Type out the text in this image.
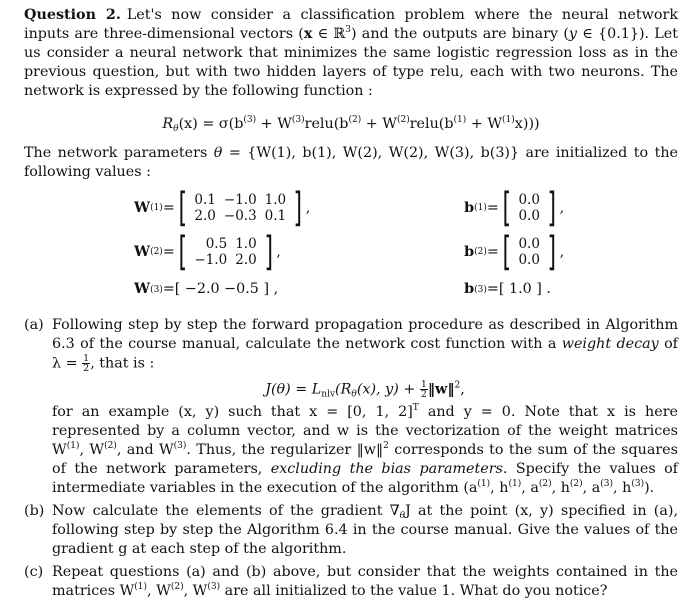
Question 2. Let's now consider a classification problem where the neural network inputs are three-dimensional vectors (x ∈ ℝ$^3$) and the outputs are binary (y ∈ {0.1}). Let us consider a neural network that minimizes the same logistic regression loss as in the previous question, but with two hidden layers of type relu, each with two neurons. The network is expressed by the following function :

$R_\theta(x) = \sigma(b^{(3)}$ + $W^{(3)}relu(b^{(2)}$ + $W^{(2)}relu(b^{(1)} + W^{(1)}x)$))

The network parameters θ = {W(1), b(1), W(2), W(2), W(3), b(3)} are initialized to the following values :

W (1) = [ 0.1	−1.0	1.0
2.0	−0.3	0.1 ] ,	b (1) = [ 0.0
0.0 ] ,
W (2) = [ 0.5	1.0
−1.0	2.0 ] ,	b (2) = [ 0.0
0.0 ] ,
W (3) = [ −2.0 −0.5 ] ,	b (3) = [ 1.0 ] .
(a) Following step by step the forward propagation procedure as described in Algorithm 6.3 of the course manual, calculate the network cost function with a weight decay of $\lambda = \frac{1}{2}$ , that is :
$J(\theta) = L_{nlv}(R_\theta(x)$, $y) + \frac{1}{2}$ ‖w‖$^2$,
for an example (x, y) such that x = [0, 1, 2]$^T$ and y = 0. Note that x is here represented by a column vector, and w is the vectorization of the weight matrices $W^{(1)}$, $W^{(2)}$, and $W^{(3)}$. Thus, the regularizer ‖w‖$^2$ corresponds to the sum of the squares of the network parameters, excluding the bias parameters. Specify the values of intermediate variables in the execution of the algorithm ($a^{(1)}$, $h^{(1)}$, $a^{(2)}$, $h^{(2)}$, $a^{(3)}$, $h^{(3)}$).
(b) Now calculate the elements of the gradient $\nabla_\theta J$ at the point (x, y) specified in (a), following step by step the Algorithm 6.4 in the course manual. Give the values of the gradient g at each step of the algorithm.
(c) Repeat questions (a) and (b) above, but consider that the weights contained in the matrices $W^{(1)}$, $W^{(2)}$, $W^{(3)}$ are all initialized to the value 1. What do you notice?
